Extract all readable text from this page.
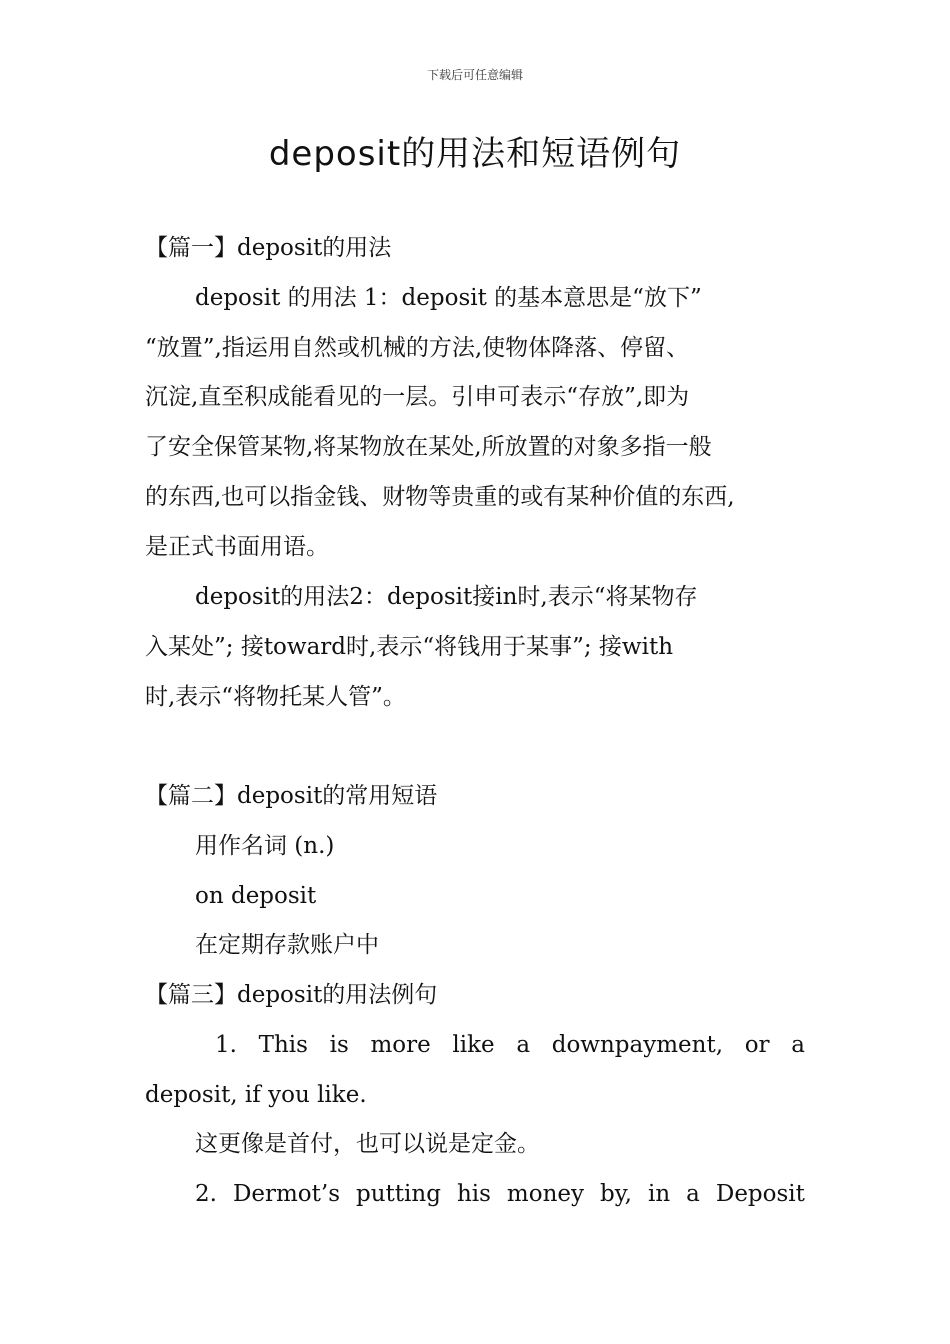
下载后可任意编辑
deposit的用法和短语例句
【篇一】deposit的用法
deposit 的用法 1：deposit 的基本意思是“放下”
“放置”,指运用自然或机械的方法,使物体降落、停留、
沉淀,直至积成能看见的一层。引申可表示“存放”,即为
了安全保管某物,将某物放在某处,所放置的对象多指一般
的东西,也可以指金钱、财物等贵重的或有某种价值的东西,
是正式书面用语。
deposit的用法2：deposit接in时,表示“将某物存
入某处”; 接toward时,表示“将钱用于某事”; 接with
时,表示“将物托某人管”。
【篇二】deposit的常用短语
用作名词 (n.)
on deposit
在定期存款账户中
【篇三】deposit的用法例句
1. This is more like a downpayment, or a
deposit, if you like.
这更像是首付，也可以说是定金。
2. Dermot’s putting his money by, in a Deposit
